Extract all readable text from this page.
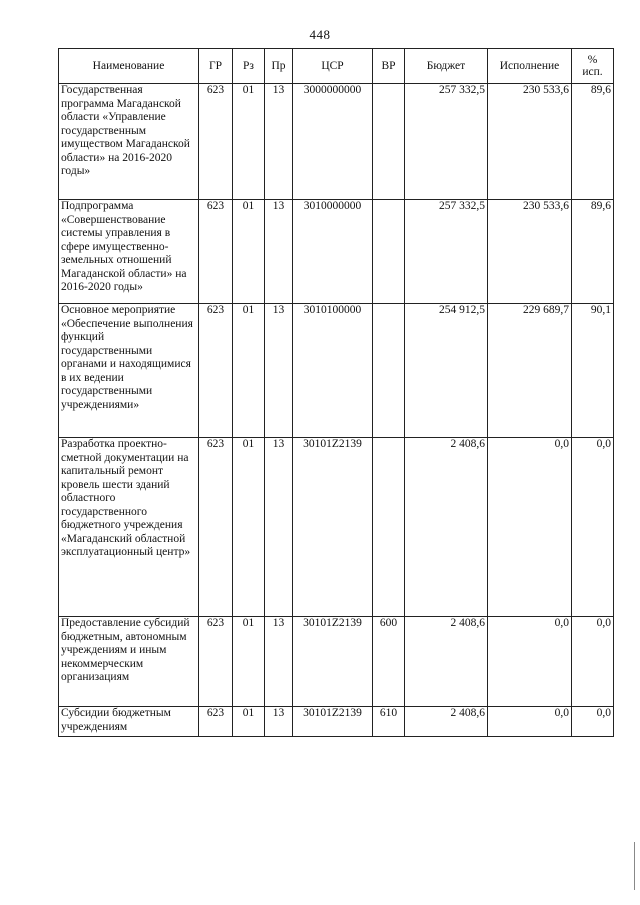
448
Наименование	ГР	Рз	Пр	ЦСР	ВР	Бюджет	Исполнение	%
исп.
Государственная программа Магаданской области «Управление государственным имуществом Магаданской области» на 2016-2020 годы»	623	01	13	3000000000		257 332,5	230 533,6	89,6
Подпрограмма «Совершенствование системы управления в сфере имущественно-земельных отношений Магаданской области» на 2016-2020 годы»	623	01	13	3010000000		257 332,5	230 533,6	89,6
Основное мероприятие «Обеспечение выполнения функций государственными органами и находящимися в их ведении государственными учреждениями»	623	01	13	3010100000		254 912,5	229 689,7	90,1
Разработка проектно-сметной документации на капитальный ремонт кровель шести зданий областного государственного бюджетного учреждения «Магаданский областной эксплуатационный центр»	623	01	13	30101Z2139		2 408,6	0,0	0,0
Предоставление субсидий бюджетным, автономным учреждениям и иным некоммерческим организациям	623	01	13	30101Z2139	600	2 408,6	0,0	0,0
Субсидии бюджетным учреждениям	623	01	13	30101Z2139	610	2 408,6	0,0	0,0
